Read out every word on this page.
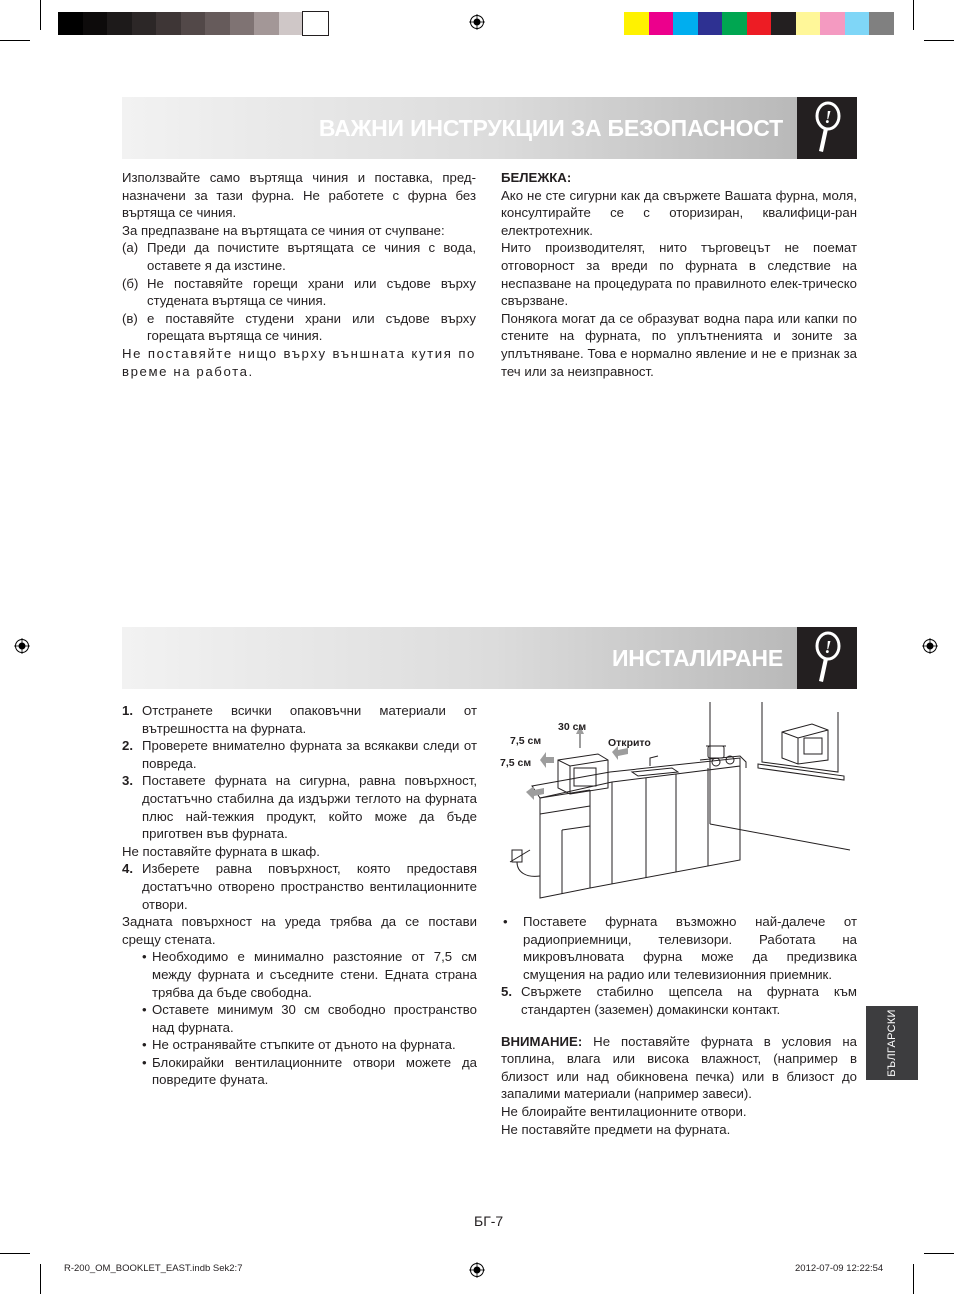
ВАЖНИ ИНСТРУКЦИИ ЗА БЕЗОПАСНОСТ !

Използвайте само въртяща чиния и поставка, пред-

назначени за тази фурна. Не работете с фурна без

въртяща се чиния.

За предпазване на въртящата се чиния от счупване:

(a) Преди да почистите въртящата се чиния с вода, оставете я да изстине.
(б) Не поставяйте горещи храни или съдове върху студената въртяща се чиния.
(в) е поставяйте студени храни или съдове върху горещата въртяща се чиния.

Не поставяйте нищо върху външната кутия по време на работа.

БЕЛЕЖКА:

Ако не сте сигурни как да свържете Вашата фурна, моля, консултирайте се с оторизиран, квалифици-ран електротехник.

Нито производителят, нито търговецът не поемат отговорност за вреди по фурната в следствие на неспазване на процедурата по правилното елек-трическо свързване.

Понякога могат да се образуват водна пара или капки по стените на фурната, по уплътненията и зоните за уплътняване. Това е нормално явление и не е признак за теч или за неизправност.

ИНСТАЛИРАНЕ !
1. Отстранете всички опаковъчни материали от вътрешността на фурната.
2. Проверете внимателно фурната за всякакви следи от повреда.
3. Поставете фурната на сигурна, равна повърхност, достатъчно стабилна да издържи теглото на фурната плюс най-тежкия продукт, който може да бъде приготвен във фурната.

Не поставяйте фурната в шкаф.

4. Изберете равна повърхност, която предоставя достатъчно отворено пространство вентилационните отвори.

Задната повърхност на уреда трябва да се постави срещу стената.

• Необходимо е минимално разстояние от 7,5 см между фурната и съседните стени. Едната страна трябва да бъде свободна.
• Оставете минимум 30 см свободно пространство над фурната.
• Не остранявайте стъпките от дъното на фурната.
• Блокирайки вентилационните отвори можете да повредите фуната.
30 см
7,5 см
7,5 см
Открито
•	Поставете фурната възможно най-далече от радиоприемници, телевизори. Работата на микровълновата фурна може да предизвика смущения на радио или телевизионния приемник.
5. Свържете стабилно щепсела на фурната към стандартен (заземен) домакински контакт.

ВНИМАНИЕ: Не поставяйте фурната в условия на топлина, влага или висока влажност, (например в близост или над обикновена печка) или в близост до запалими материали (например завеси).

Не блоирайте вентилационните отвори.

Не поставяйте предмети на фурната.

БЪЛГАРСКИ
БГ-7
R-200_OM_BOOKLET_EAST.indb Sek2:7	2012-07-09 12:22:54
